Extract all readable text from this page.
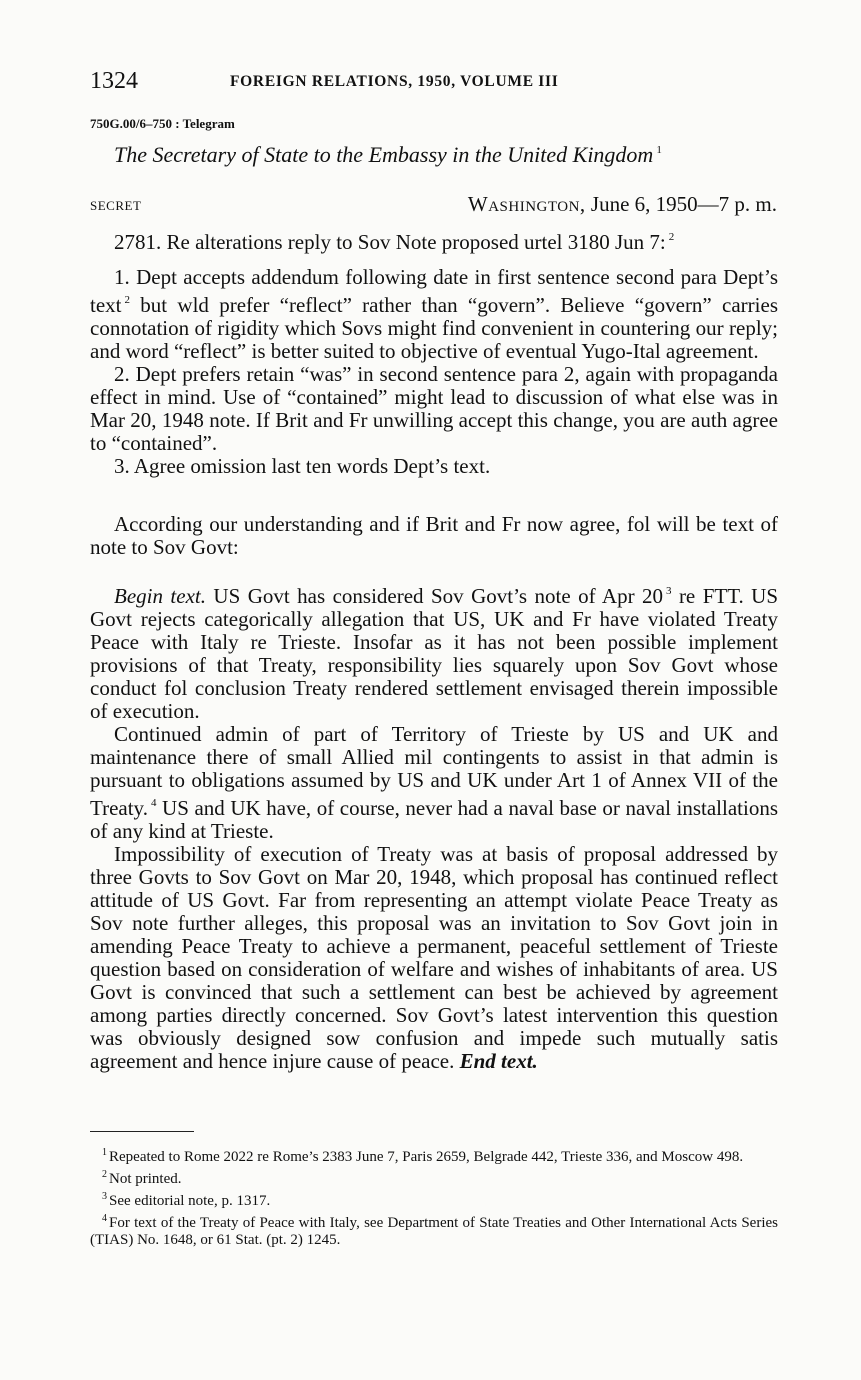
1324	FOREIGN RELATIONS, 1950, VOLUME III
750G.00/6–750 : Telegram
The Secretary of State to the Embassy in the United Kingdom $^1$
SECRET	Washington, June 6, 1950—7 p. m.

2781. Re alterations reply to Sov Note proposed urtel 3180 Jun 7: $^2$

1. Dept accepts addendum following date in first sentence second para Dept’s text $^2$ but wld prefer “reflect” rather than “govern”. Believe “govern” carries connotation of rigidity which Sovs might find convenient in countering our reply; and word “reflect” is better suited to objective of eventual Yugo-Ital agreement.

2. Dept prefers retain “was” in second sentence para 2, again with propaganda effect in mind. Use of “contained” might lead to discussion of what else was in Mar 20, 1948 note. If Brit and Fr unwilling accept this change, you are auth agree to “contained”.

3. Agree omission last ten words Dept’s text.

According our understanding and if Brit and Fr now agree, fol will be text of note to Sov Govt:

Begin text. US Govt has considered Sov Govt’s note of Apr 20 $^3$ re FTT. US Govt rejects categorically allegation that US, UK and Fr have violated Treaty Peace with Italy re Trieste. Insofar as it has not been possible implement provisions of that Treaty, responsibility lies squarely upon Sov Govt whose conduct fol conclusion Treaty rendered settlement envisaged therein impossible of execution.

Continued admin of part of Territory of Trieste by US and UK and maintenance there of small Allied mil contingents to assist in that admin is pursuant to obligations assumed by US and UK under Art 1 of Annex VII of the Treaty. $^4$ US and UK have, of course, never had a naval base or naval installations of any kind at Trieste.

Impossibility of execution of Treaty was at basis of proposal addressed by three Govts to Sov Govt on Mar 20, 1948, which proposal has continued reflect attitude of US Govt. Far from representing an attempt violate Peace Treaty as Sov note further alleges, this proposal was an invitation to Sov Govt join in amending Peace Treaty to achieve a permanent, peaceful settlement of Trieste question based on consideration of welfare and wishes of inhabitants of area. US Govt is convinced that such a settlement can best be achieved by agreement among parties directly concerned. Sov Govt’s latest intervention this question was obviously designed sow confusion and impede such mutually satis agreement and hence injure cause of peace. End text.

$^1$ Repeated to Rome 2022 re Rome’s 2383 June 7, Paris 2659, Belgrade 442, Trieste 336, and Moscow 498.
$^2$ Not printed.
$^3$ See editorial note, p. 1317.
$^4$ For text of the Treaty of Peace with Italy, see Department of State Treaties and Other International Acts Series (TIAS) No. 1648, or 61 Stat. (pt. 2) 1245.
